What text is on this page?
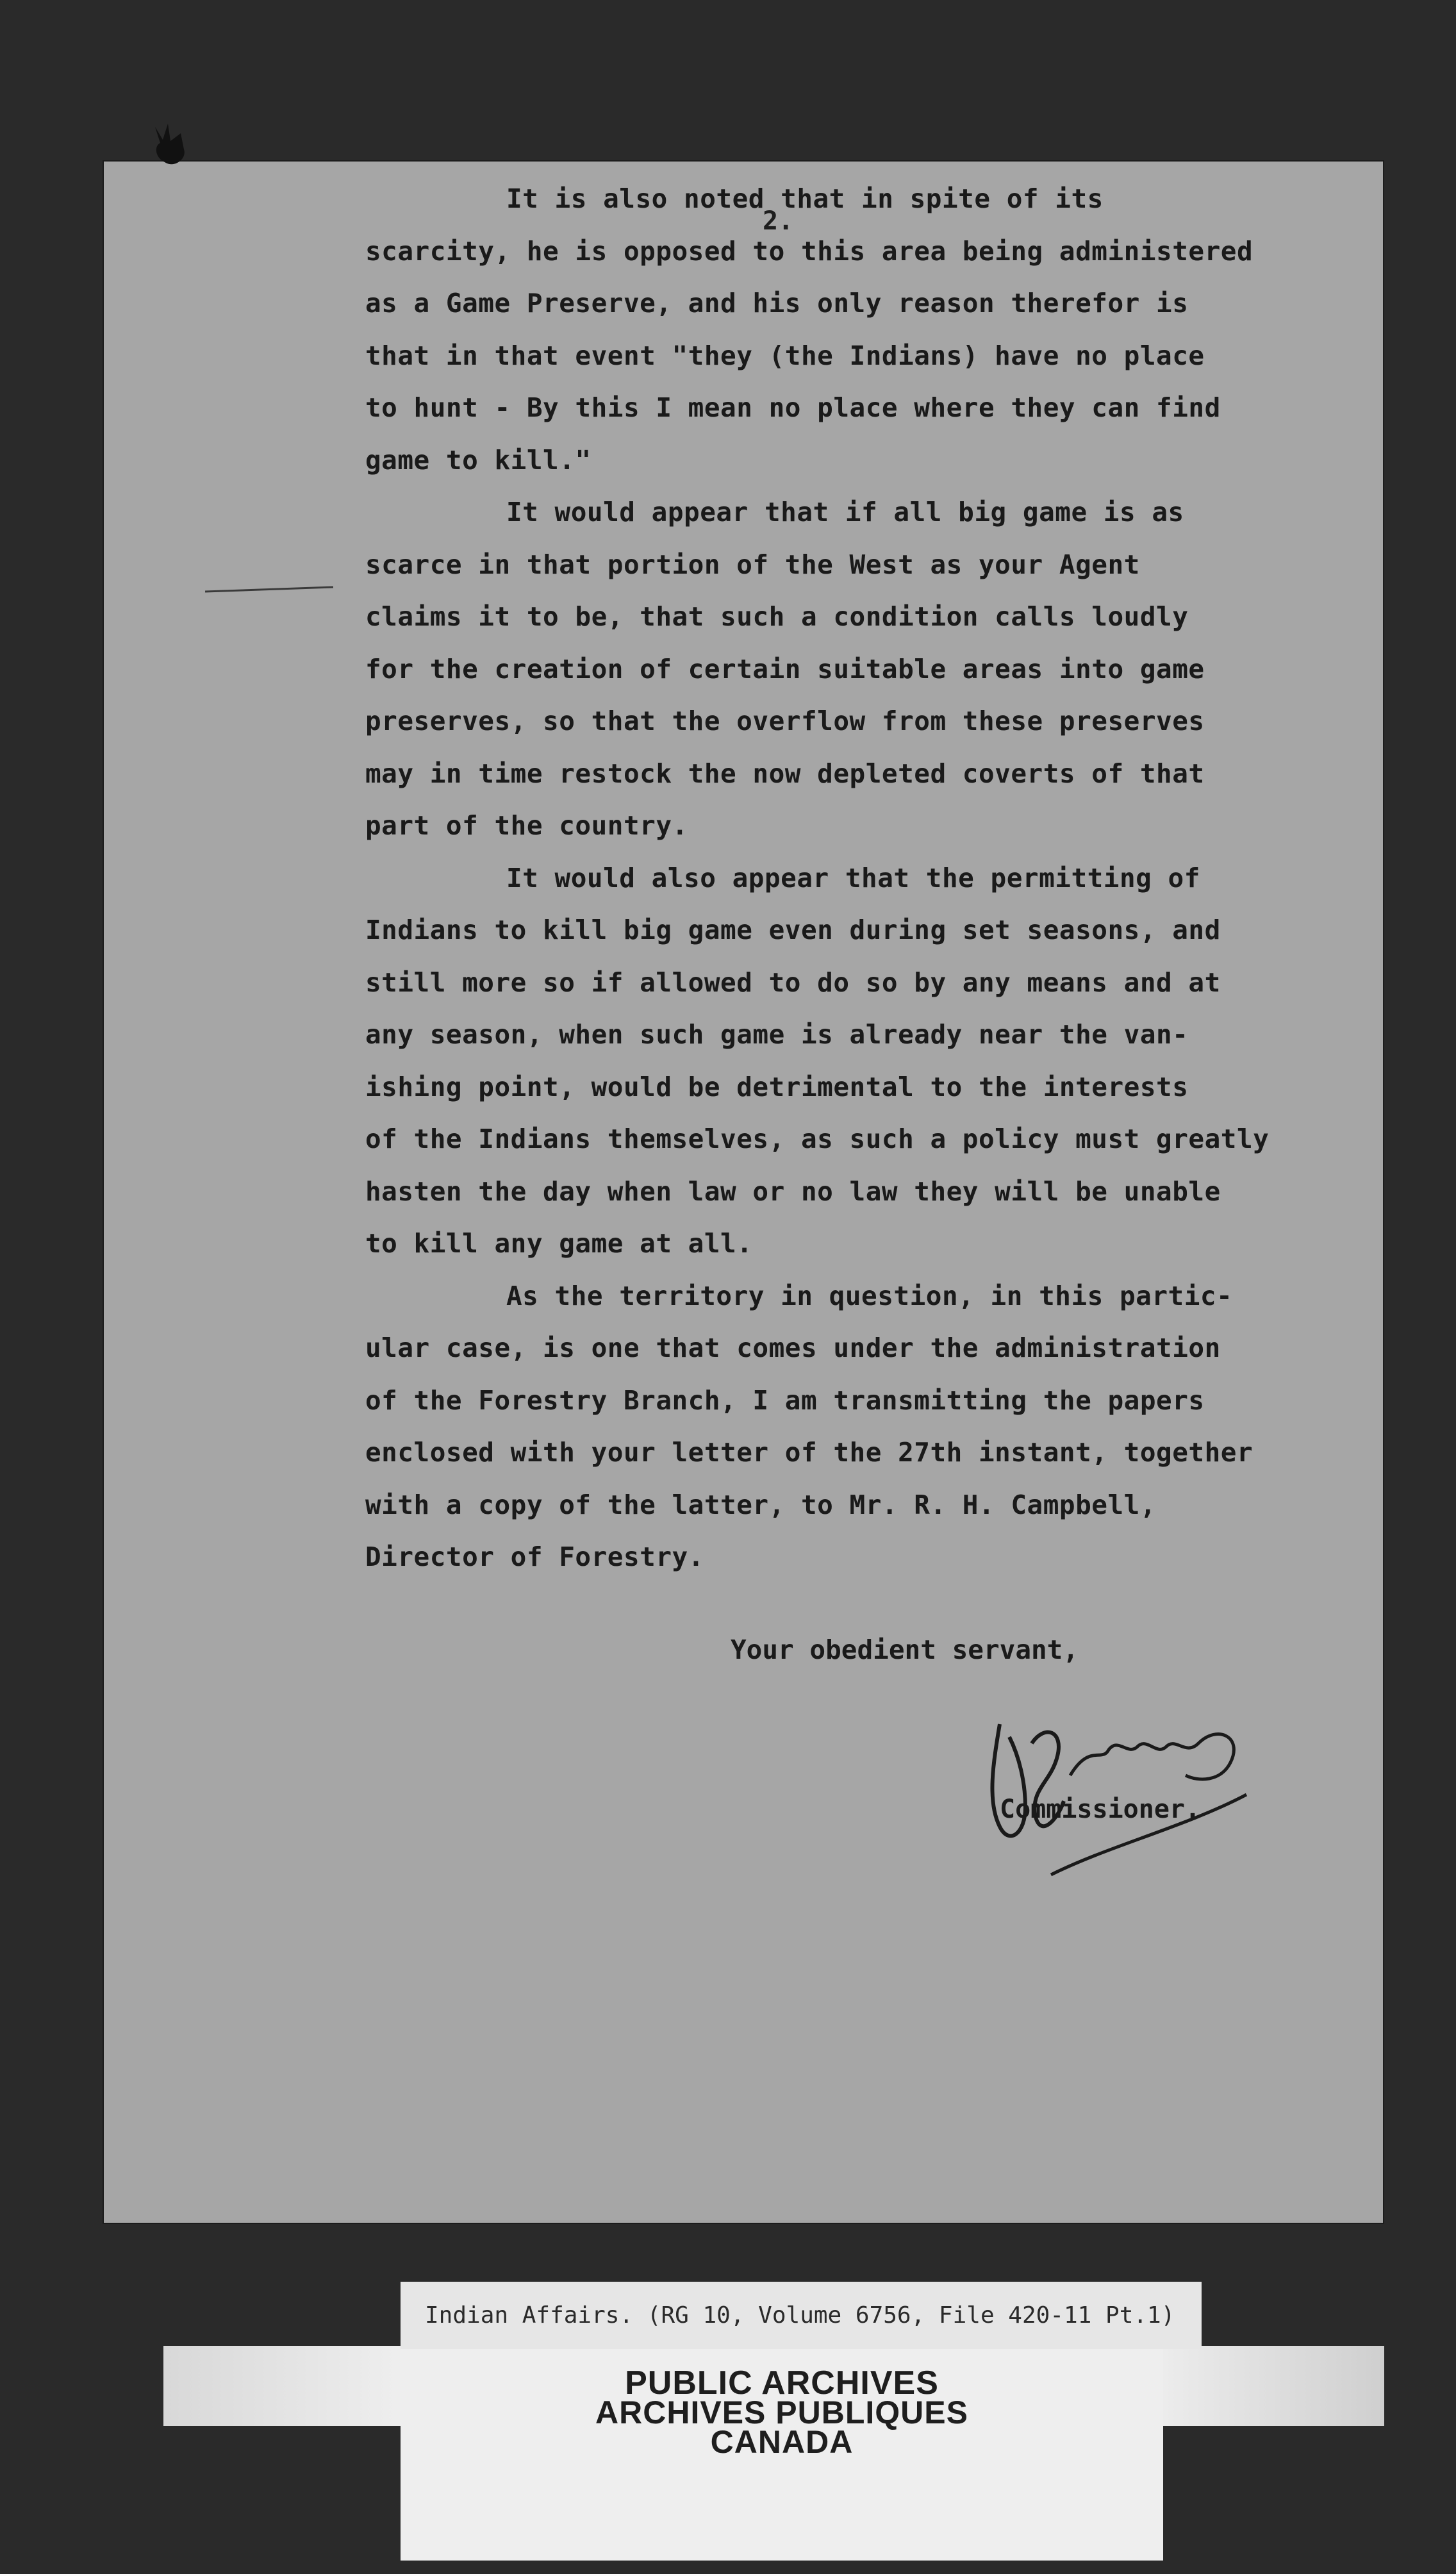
2.

It is also noted that in spite of its
scarcity, he is opposed to this area being administered
as a Game Preserve, and his only reason therefor is
that in that event "they (the Indians) have no place
to hunt - By this I mean no place where they can find
game to kill."

It would appear that if all big game is as
scarce in that portion of the West as your Agent
claims it to be, that such a condition calls loudly
for the creation of certain suitable areas into game
preserves, so that the overflow from these preserves
may in time restock the now depleted coverts of that
part of the country.

It would also appear that the permitting of
Indians to kill big game even during set seasons, and
still more so if allowed to do so by any means and at
any season, when such game is already near the van-
ishing point, would be detrimental to the interests
of the Indians themselves, as such a policy must greatly
hasten the day when law or no law they will be unable
to kill any game at all.

As the territory in question, in this partic-
ular case, is one that comes under the administration
of the Forestry Branch, I am transmitting the papers
enclosed with your letter of the 27th instant, together
with a copy of the latter, to Mr. R. H. Campbell,
Director of Forestry.

Your obedient servant,
Commissioner.
Indian Affairs. (RG 10, Volume 6756, File 420-11 Pt.1)
PUBLIC ARCHIVES
ARCHIVES PUBLIQUES
CANADA
